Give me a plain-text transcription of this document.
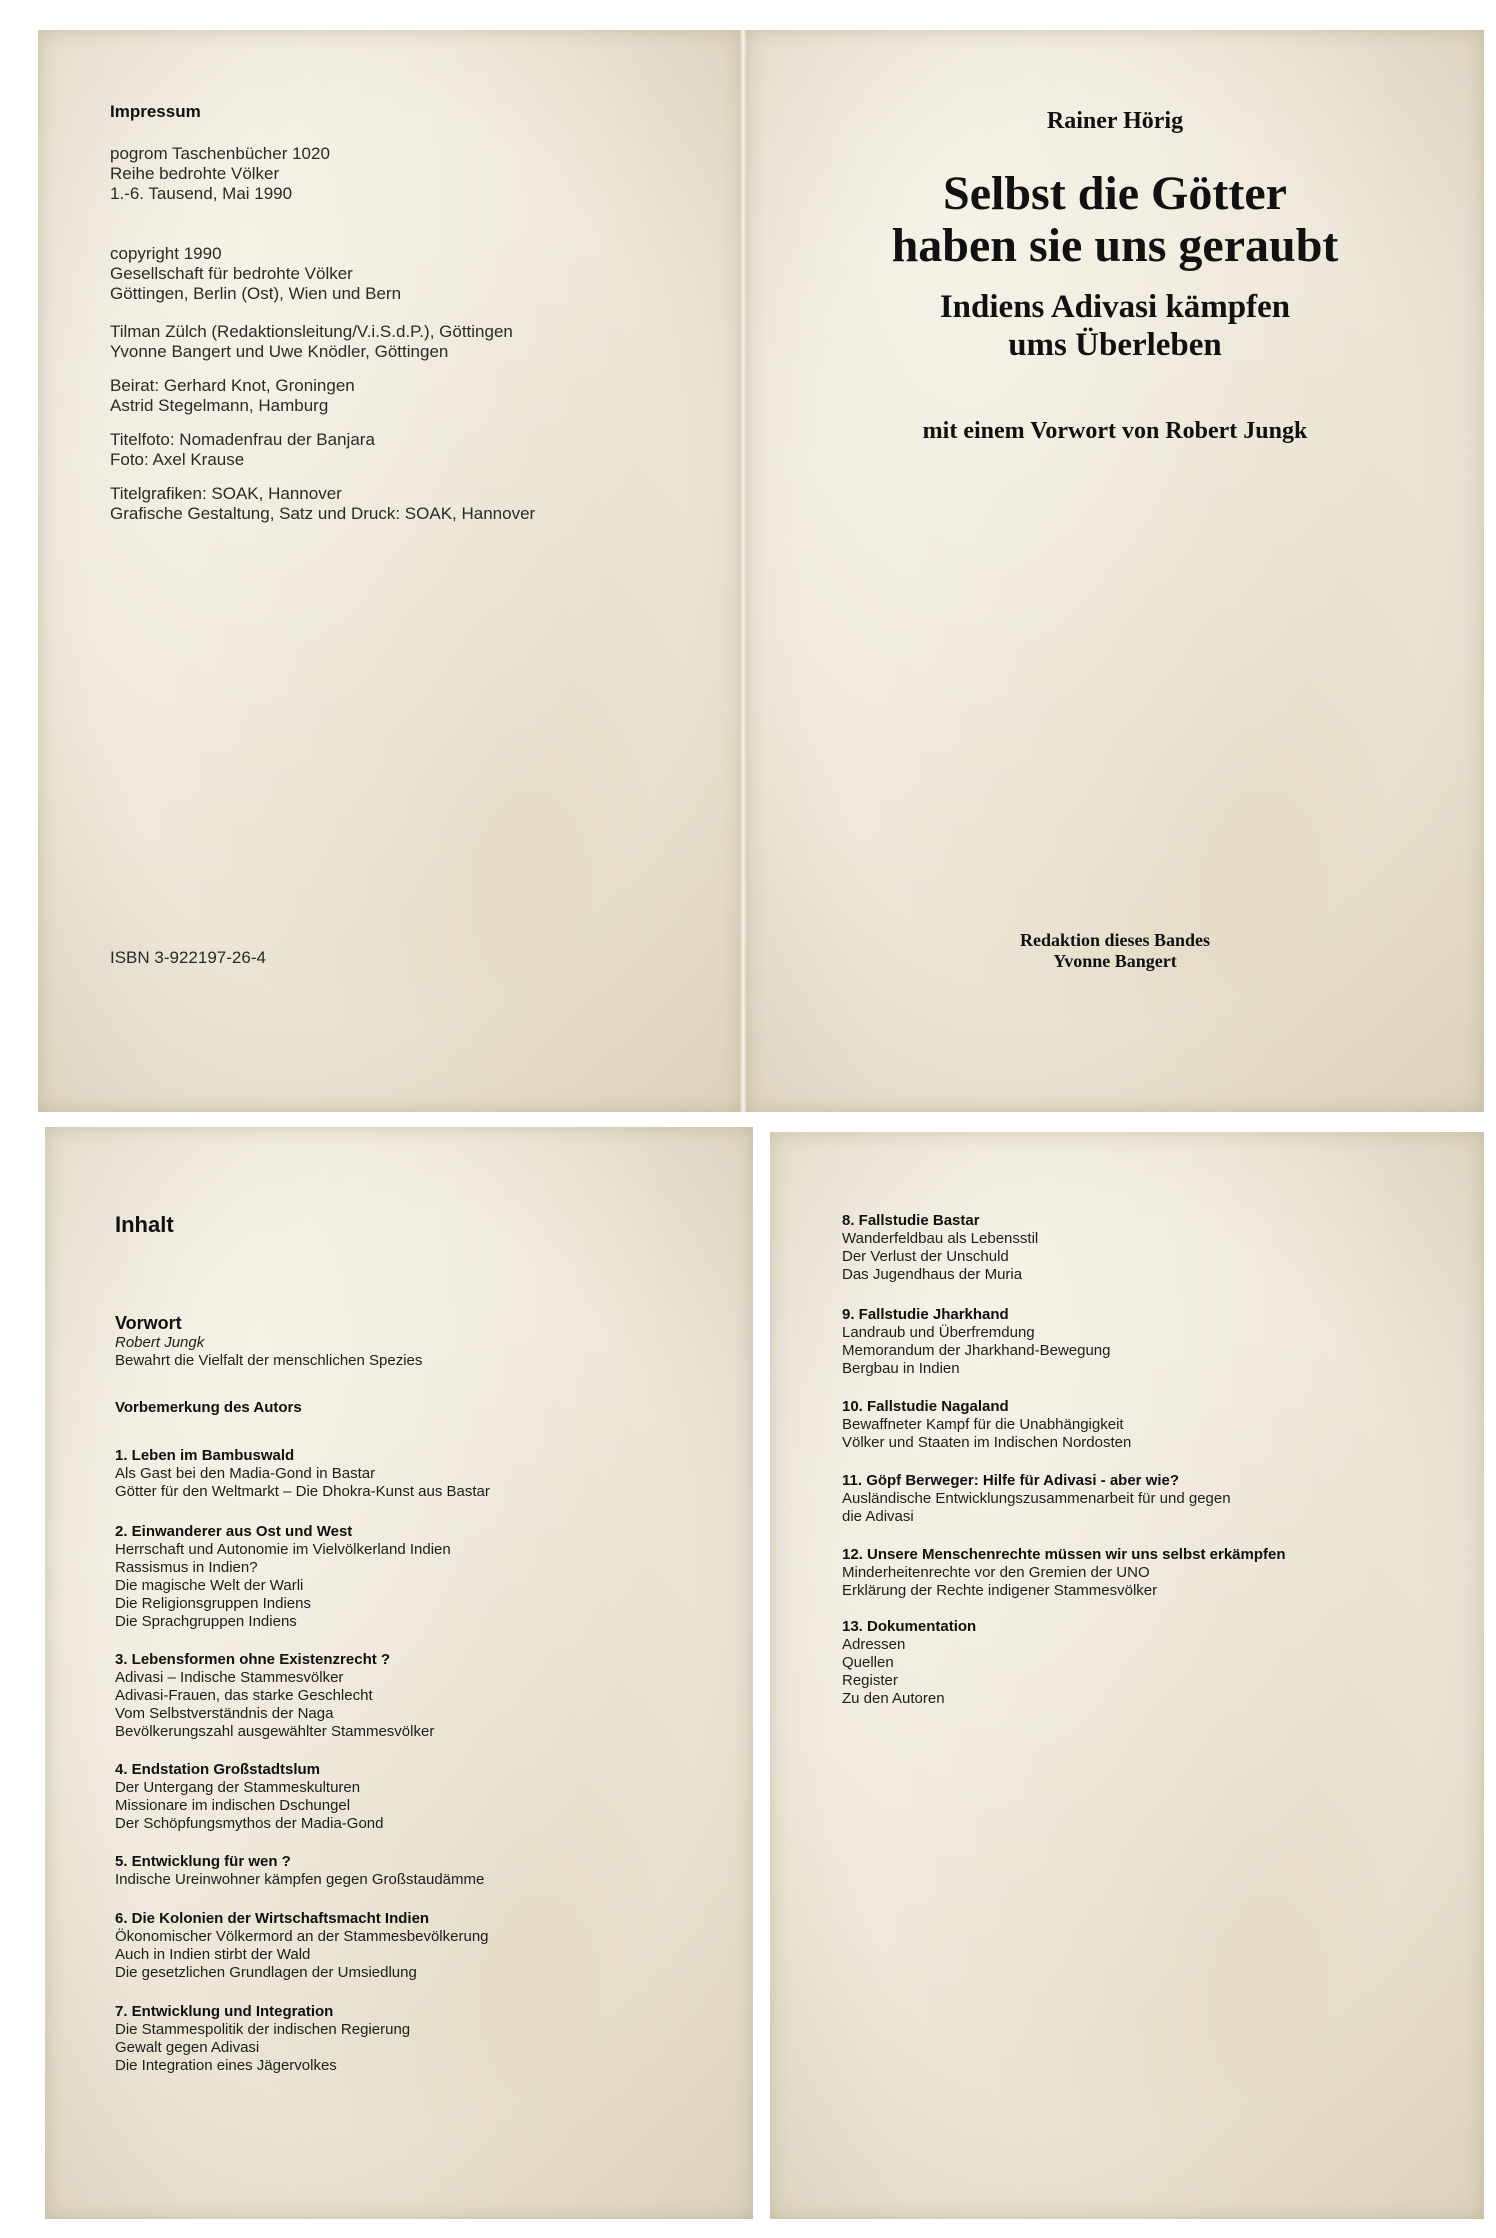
Impressum
pogrom Taschenbücher 1020
Reihe bedrohte Völker
1.-6. Tausend, Mai 1990
copyright 1990
Gesellschaft für bedrohte Völker
Göttingen, Berlin (Ost), Wien und Bern
Tilman Zülch (Redaktionsleitung/V.i.S.d.P.), Göttingen
Yvonne Bangert und Uwe Knödler, Göttingen
Beirat: Gerhard Knot, Groningen
Astrid Stegelmann, Hamburg
Titelfoto: Nomadenfrau der Banjara
Foto: Axel Krause
Titelgrafiken: SOAK, Hannover
Grafische Gestaltung, Satz und Druck: SOAK, Hannover
ISBN 3-922197-26-4
Rainer Hörig
Selbst die Götter
haben sie uns geraubt
Indiens Adivasi kämpfen
ums Überleben
mit einem Vorwort von Robert Jungk
Redaktion dieses Bandes
Yvonne Bangert
Inhalt
Vorwort
Robert Jungk
Bewahrt die Vielfalt der menschlichen Spezies
Vorbemerkung des Autors
1. Leben im Bambuswald
Als Gast bei den Madia-Gond in Bastar
Götter für den Weltmarkt – Die Dhokra-Kunst aus Bastar
2. Einwanderer aus Ost und West
Herrschaft und Autonomie im Vielvölkerland Indien
Rassismus in Indien?
Die magische Welt der Warli
Die Religionsgruppen Indiens
Die Sprachgruppen Indiens
3. Lebensformen ohne Existenzrecht ?
Adivasi – Indische Stammesvölker
Adivasi-Frauen, das starke Geschlecht
Vom Selbstverständnis der Naga
Bevölkerungszahl ausgewählter Stammesvölker
4. Endstation Großstadtslum
Der Untergang der Stammeskulturen
Missionare im indischen Dschungel
Der Schöpfungsmythos der Madia-Gond
5. Entwicklung für wen ?
Indische Ureinwohner kämpfen gegen Großstaudämme
6. Die Kolonien der Wirtschaftsmacht Indien
Ökonomischer Völkermord an der Stammesbevölkerung
Auch in Indien stirbt der Wald
Die gesetzlichen Grundlagen der Umsiedlung
7. Entwicklung und Integration
Die Stammespolitik der indischen Regierung
Gewalt gegen Adivasi
Die Integration eines Jägervolkes
8. Fallstudie Bastar
Wanderfeldbau als Lebensstil
Der Verlust der Unschuld
Das Jugendhaus der Muria
9. Fallstudie Jharkhand
Landraub und Überfremdung
Memorandum der Jharkhand-Bewegung
Bergbau in Indien
10. Fallstudie Nagaland
Bewaffneter Kampf für die Unabhängigkeit
Völker und Staaten im Indischen Nordosten
11. Göpf Berweger: Hilfe für Adivasi - aber wie?
Ausländische Entwicklungszusammenarbeit für und gegen
die Adivasi
12. Unsere Menschenrechte müssen wir uns selbst erkämpfen
Minderheitenrechte vor den Gremien der UNO
Erklärung der Rechte indigener Stammesvölker
13. Dokumentation
Adressen
Quellen
Register
Zu den Autoren
